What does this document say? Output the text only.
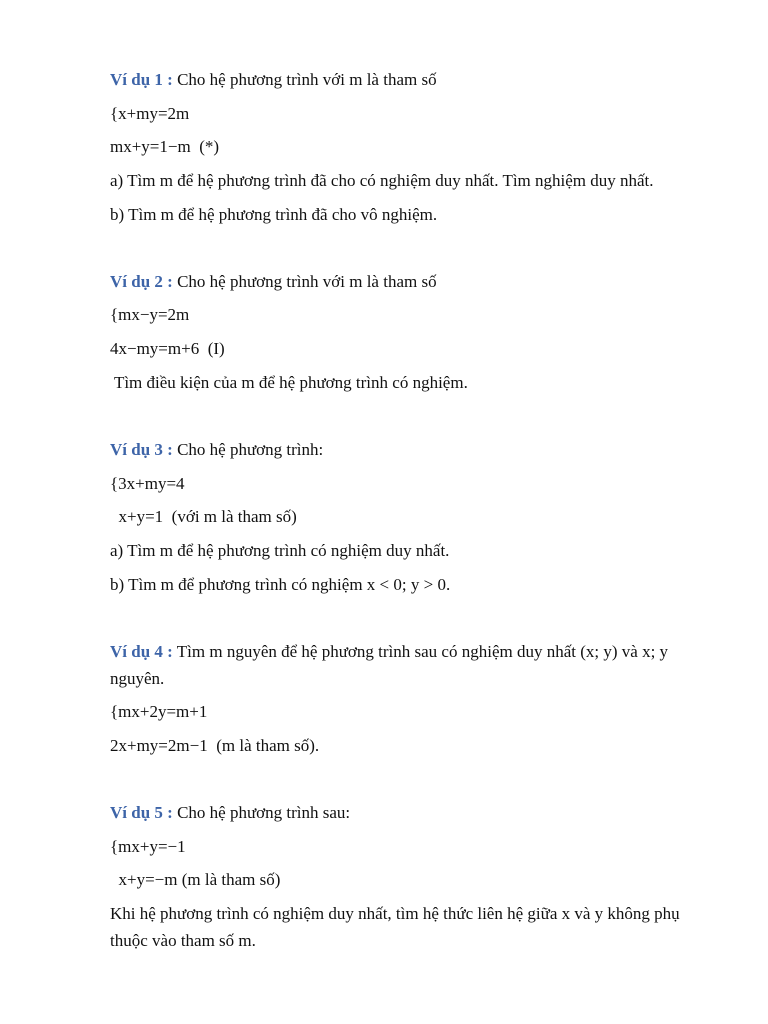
Ví dụ 1 : Cho hệ phương trình với m là tham số

{x+my=2m

mx+y=1−m  (*)

a) Tìm m để hệ phương trình đã cho có nghiệm duy nhất. Tìm nghiệm duy nhất.

b) Tìm m để hệ phương trình đã cho vô nghiệm.

Ví dụ 2 : Cho hệ phương trình với m là tham số

{mx−y=2m

4x−my=m+6  (I)

Tìm điều kiện của m để hệ phương trình có nghiệm.

Ví dụ 3 : Cho hệ phương trình:

{3x+my=4

x+y=1  (với m là tham số)

a) Tìm m để hệ phương trình có nghiệm duy nhất.

b) Tìm m để phương trình có nghiệm x < 0; y > 0.

Ví dụ 4 : Tìm m nguyên để hệ phương trình sau có nghiệm duy nhất (x; y) và x; y nguyên.

{mx+2y=m+1

2x+my=2m−1  (m là tham số).

Ví dụ 5 : Cho hệ phương trình sau:

{mx+y=−1

x+y=−m (m là tham số)

Khi hệ phương trình có nghiệm duy nhất, tìm hệ thức liên hệ giữa x và y không phụ thuộc vào tham số m.
